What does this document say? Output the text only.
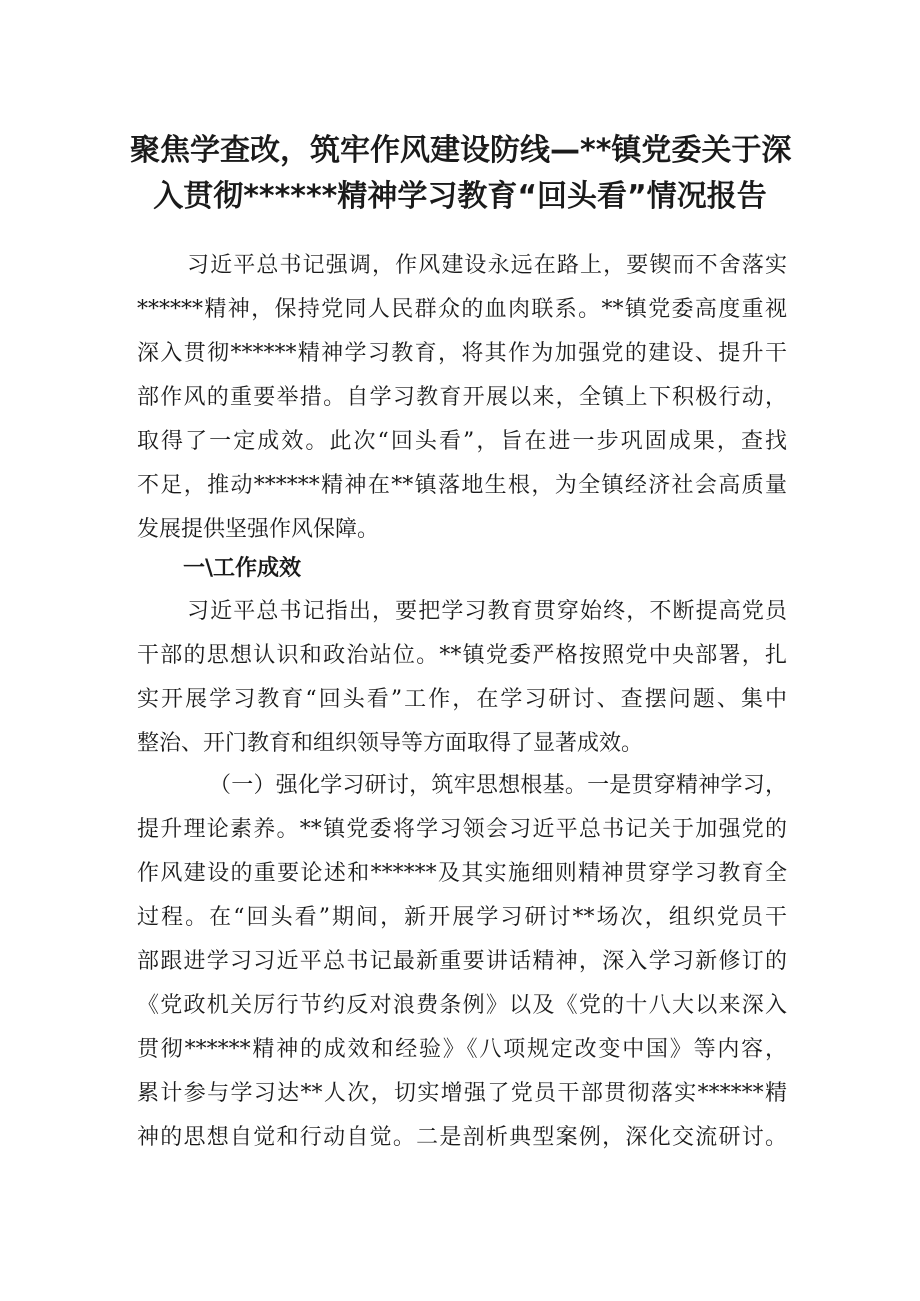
聚焦学查改，筑牢作风建设防线—**镇党委关于深
入贯彻******精神学习教育“回头看”情况报告
习近平总书记强调，作风建设永远在路上，要锲而不舍落实
******精神，保持党同人民群众的血肉联系。**镇党委高度重视
深入贯彻******精神学习教育，将其作为加强党的建设、提升干
部作风的重要举措。自学习教育开展以来，全镇上下积极行动，
取得了一定成效。此次“回头看”，旨在进一步巩固成果，查找
不足，推动******精神在**镇落地生根，为全镇经济社会高质量
发展提供坚强作风保障。
一\工作成效
习近平总书记指出，要把学习教育贯穿始终，不断提高党员
干部的思想认识和政治站位。**镇党委严格按照党中央部署，扎
实开展学习教育“回头看”工作，在学习研讨、查摆问题、集中
整治、开门教育和组织领导等方面取得了显著成效。
（一）强化学习研讨，筑牢思想根基。一是贯穿精神学习，
提升理论素养。**镇党委将学习领会习近平总书记关于加强党的
作风建设的重要论述和******及其实施细则精神贯穿学习教育全
过程。在“回头看”期间，新开展学习研讨**场次，组织党员干
部跟进学习习近平总书记最新重要讲话精神，深入学习新修订的
《党政机关厉行节约反对浪费条例》以及《党的十八大以来深入
贯彻******精神的成效和经验》《八项规定改变中国》等内容，
累计参与学习达**人次，切实增强了党员干部贯彻落实******精
神的思想自觉和行动自觉。二是剖析典型案例，深化交流研讨。
